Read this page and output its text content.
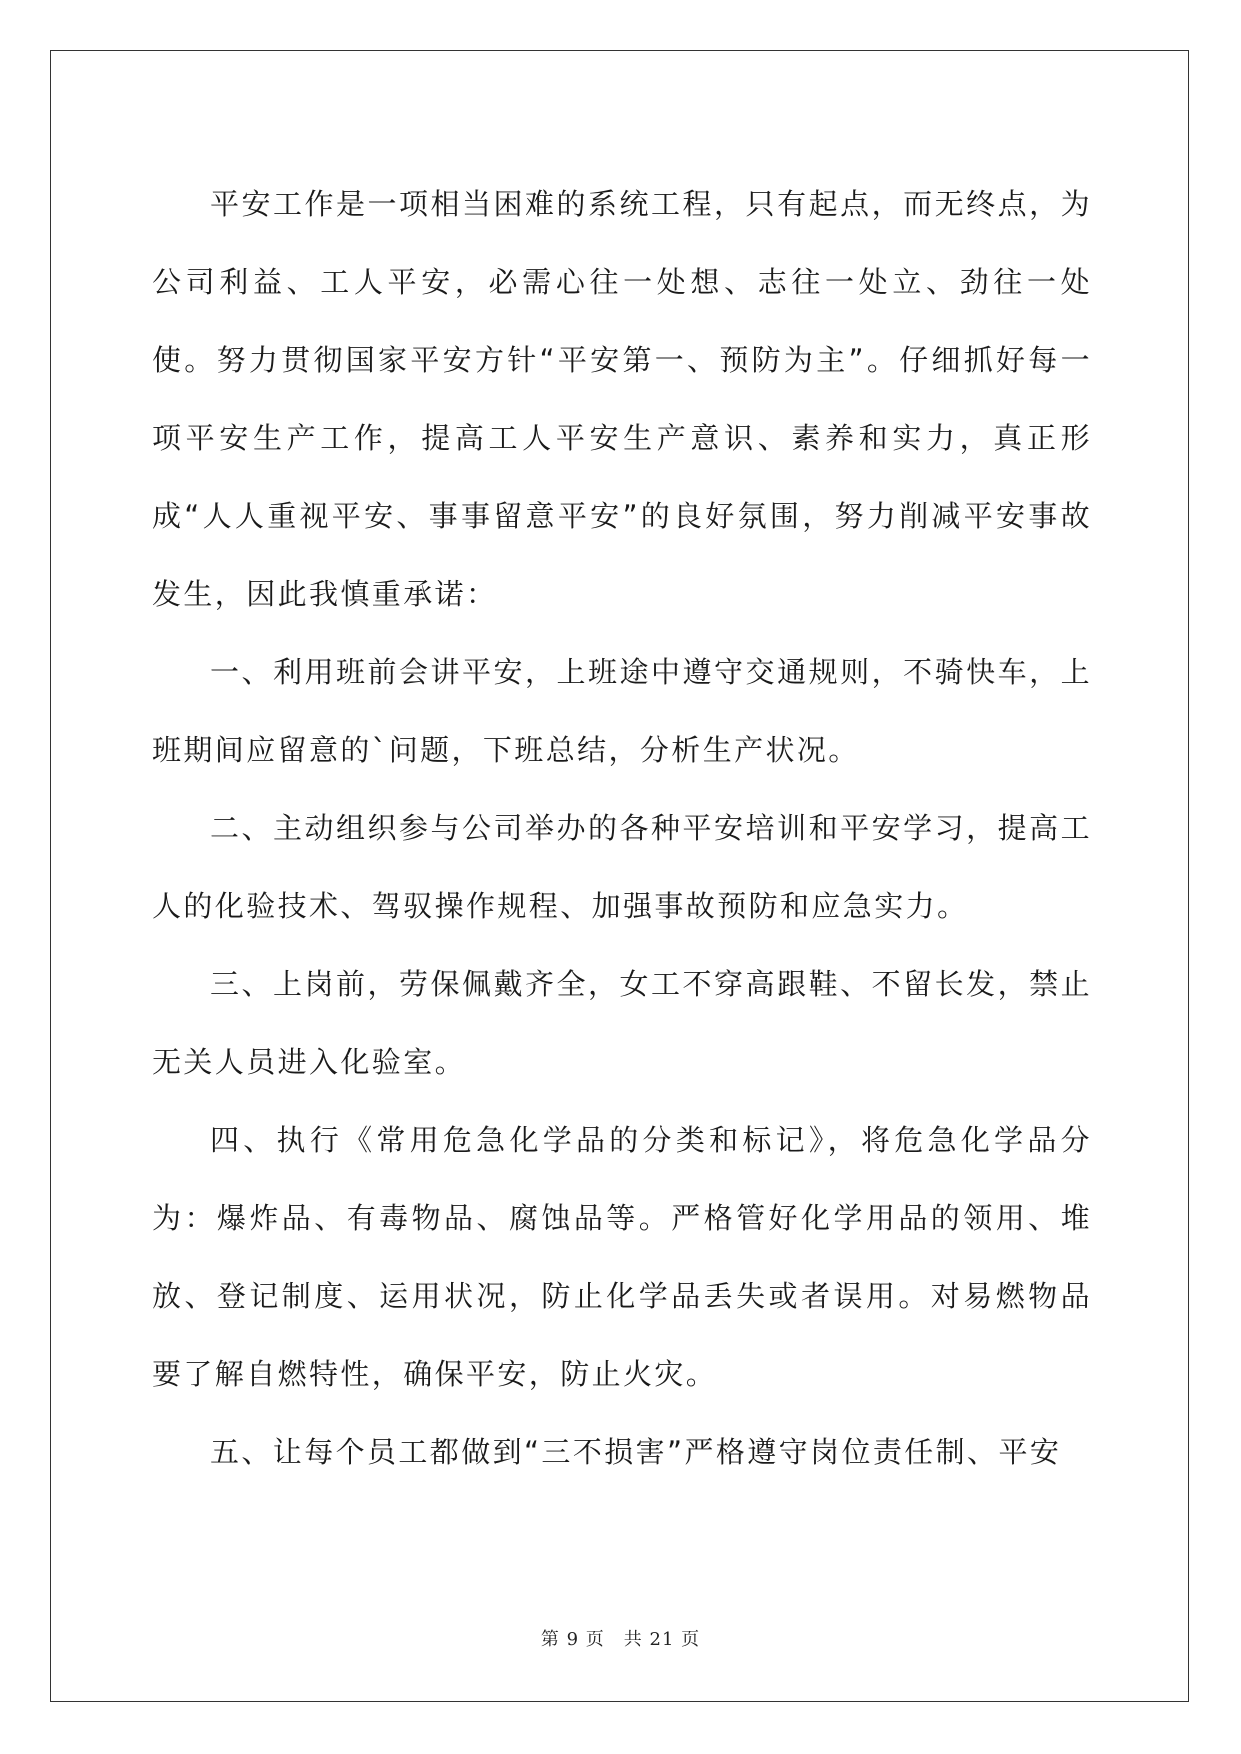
平安工作是一项相当困难的系统工程，只有起点，而无终点，为公司利益、工人平安，必需心往一处想、志往一处立、劲往一处使。努力贯彻国家平安方针“平安第一、预防为主”。仔细抓好每一项平安生产工作，提高工人平安生产意识、素养和实力，真正形成“人人重视平安、事事留意平安”的良好氛围，努力削减平安事故发生，因此我慎重承诺：

一、利用班前会讲平安，上班途中遵守交通规则，不骑快车，上班期间应留意的`问题，下班总结，分析生产状况。

二、主动组织参与公司举办的各种平安培训和平安学习，提高工人的化验技术、驾驭操作规程、加强事故预防和应急实力。

三、上岗前，劳保佩戴齐全，女工不穿高跟鞋、不留长发，禁止无关人员进入化验室。

四、执行《常用危急化学品的分类和标记》，将危急化学品分为：爆炸品、有毒物品、腐蚀品等。严格管好化学用品的领用、堆放、登记制度、运用状况，防止化学品丢失或者误用。对易燃物品要了解自燃特性，确保平安，防止火灾。

五、让每个员工都做到“三不损害”严格遵守岗位责任制、平安

第 9 页　共 21 页
